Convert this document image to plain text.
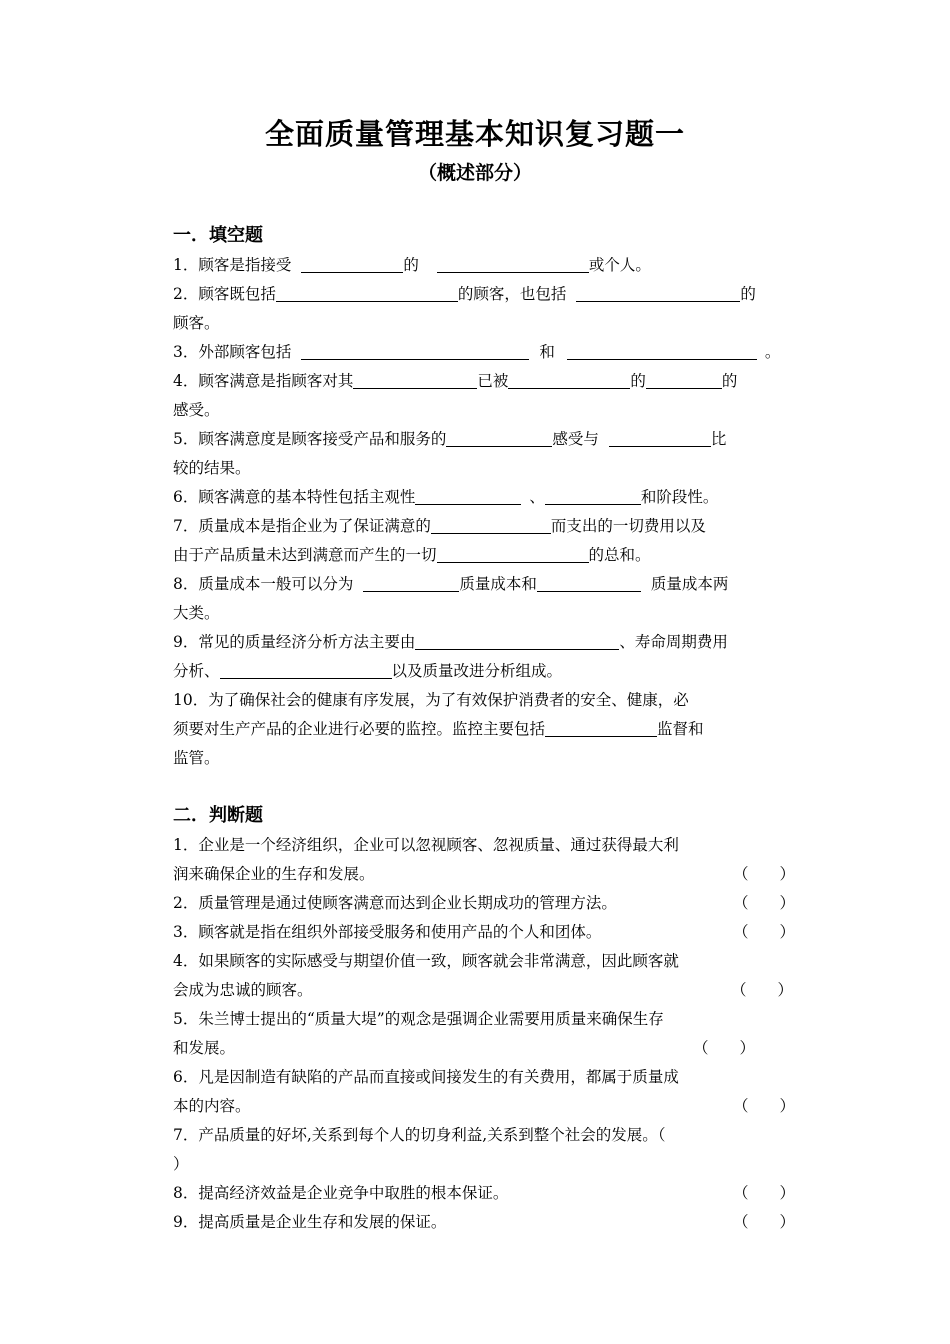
全面质量管理基本知识复习题一
（概述部分）
一．填空题
1．顾客是指接受	的	或个人。
2．顾客既包括	的顾客，也包括	的
顾客。
3．外部顾客包括	和	。
4．顾客满意是指顾客对其	已被	的	的
感受。
5．顾客满意度是顾客接受产品和服务的	感受与	比
较的结果。
6．顾客满意的基本特性包括主观性	、	和阶段性。
7．质量成本是指企业为了保证满意的	而支出的一切费用以及
由于产品质量未达到满意而产生的一切	的总和。
8．质量成本一般可以分为	质量成本和	质量成本两
大类。
9．常见的质量经济分析方法主要由	、寿命周期费用
分析、	以及质量改进分析组成。
10．为了确保社会的健康有序发展，为了有效保护消费者的安全、健康，必
须要对生产产品的企业进行必要的监控。监控主要包括	监督和
监管。
二．判断题
1．企业是一个经济组织，企业可以忽视顾客、忽视质量、通过获得最大利
润来确保企业的生存和发展。	（　　）
2．质量管理是通过使顾客满意而达到企业长期成功的管理方法。	（　　）
3．顾客就是指在组织外部接受服务和使用产品的个人和团体。	（　　）
4．如果顾客的实际感受与期望价值一致，顾客就会非常满意，因此顾客就
会成为忠诚的顾客。	（　　）
5．朱兰博士提出的“质量大堤”的观念是强调企业需要用质量来确保生存
和发展。	（　　）
6．凡是因制造有缺陷的产品而直接或间接发生的有关费用，都属于质量成
本的内容。	（　　）
7．产品质量的好坏,关系到每个人的切身利益,关系到整个社会的发展。（
）
8．提高经济效益是企业竞争中取胜的根本保证。	（　　）
9．提高质量是企业生存和发展的保证。	（　　）
